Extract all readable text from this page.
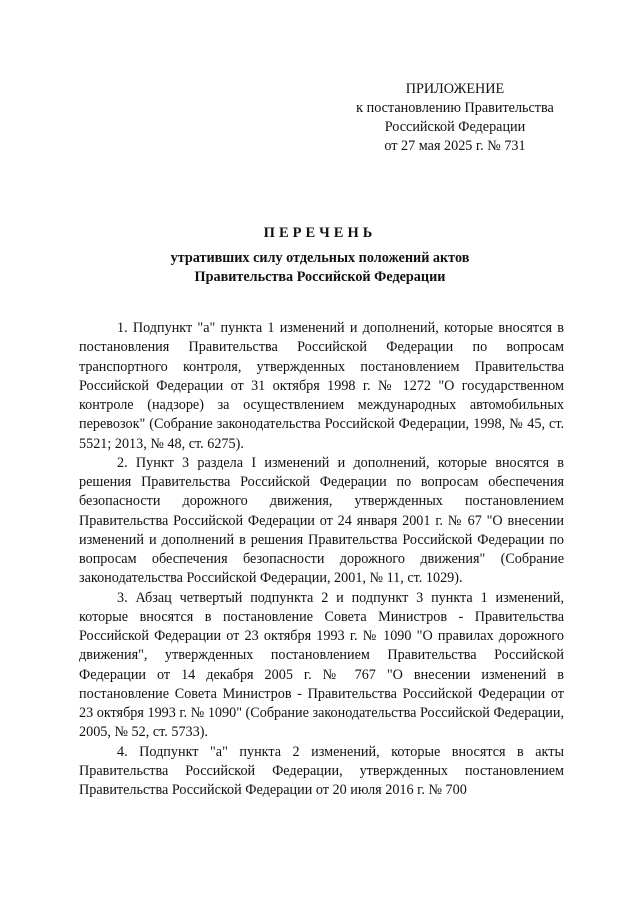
ПРИЛОЖЕНИЕ
к постановлению Правительства
Российской Федерации
от 27 мая 2025 г. № 731
ПЕРЕЧЕНЬ
утративших силу отдельных положений актов
Правительства Российской Федерации

1. Подпункт "а" пункта 1 изменений и дополнений, которые вносятся в постановления Правительства Российской Федерации по вопросам транспортного контроля, утвержденных постановлением Правительства Российской Федерации от 31 октября 1998 г. № 1272 "О государственном контроле (надзоре) за осуществлением международных автомобильных перевозок" (Собрание законодательства Российской Федерации, 1998, № 45, ст. 5521; 2013, № 48, ст. 6275).

2. Пункт 3 раздела I изменений и дополнений, которые вносятся в решения Правительства Российской Федерации по вопросам обеспечения безопасности дорожного движения, утвержденных постановлением Правительства Российской Федерации от 24 января 2001 г. № 67 "О внесении изменений и дополнений в решения Правительства Российской Федерации по вопросам обеспечения безопасности дорожного движения" (Собрание законодательства Российской Федерации, 2001, № 11, ст. 1029).

3. Абзац четвертый подпункта 2 и подпункт 3 пункта 1 изменений, которые вносятся в постановление Совета Министров - Правительства Российской Федерации от 23 октября 1993 г. № 1090 "О правилах дорожного движения", утвержденных постановлением Правительства Российской Федерации от 14 декабря 2005 г. № 767 "О внесении изменений в постановление Совета Министров - Правительства Российской Федерации от 23 октября 1993 г. № 1090" (Собрание законодательства Российской Федерации, 2005, № 52, ст. 5733).

4. Подпункт "а" пункта 2 изменений, которые вносятся в акты Правительства Российской Федерации, утвержденных постановлением Правительства Российской Федерации от 20 июля 2016 г. № 700
